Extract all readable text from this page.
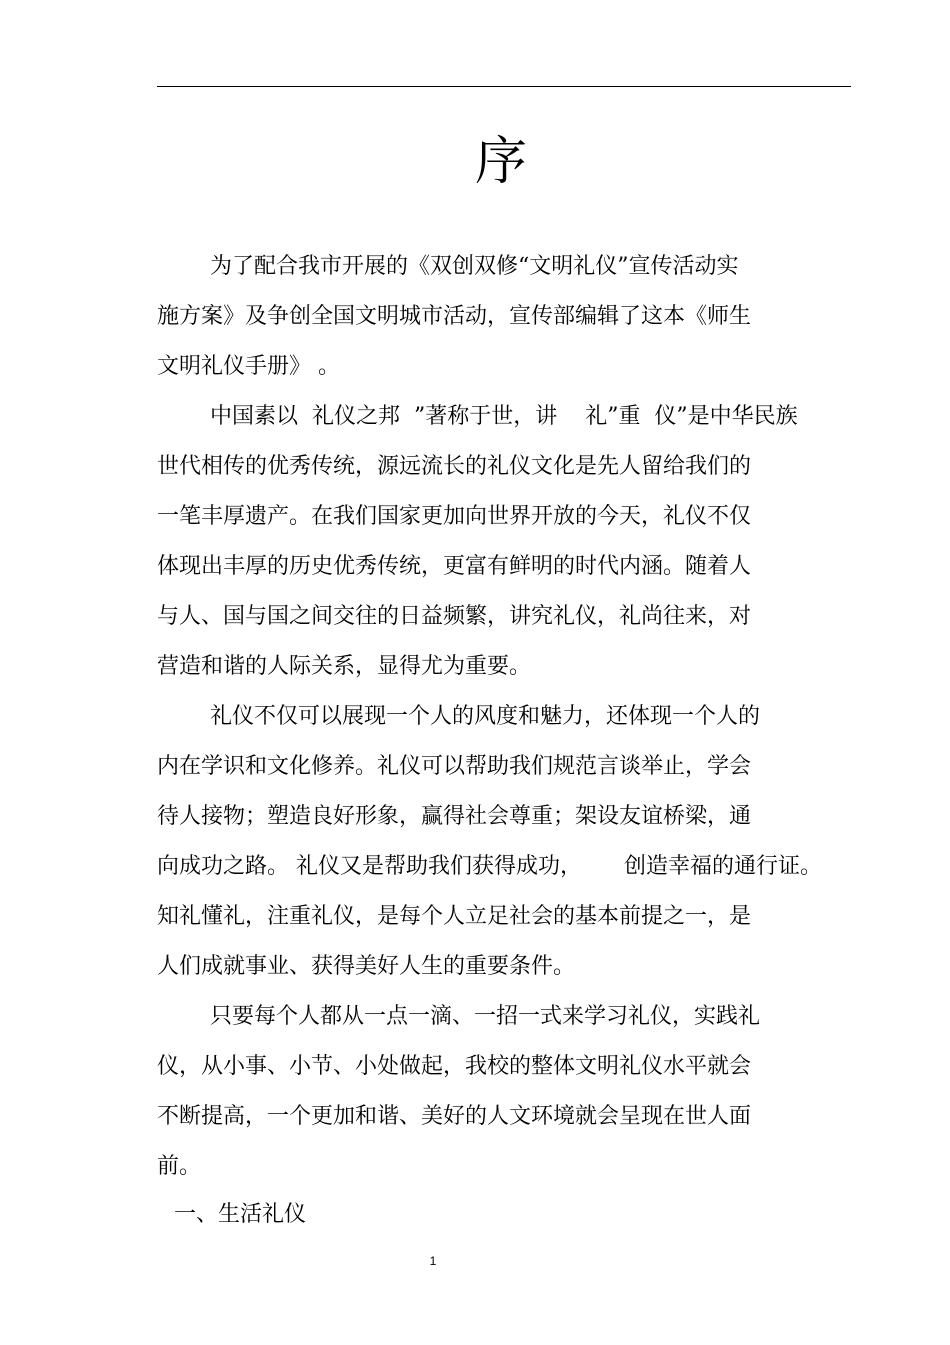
序
为了配合我市开展的《双创双修“文明礼仪”宣传活动实
施方案》及争创全国文明城市活动，宣传部编辑了这本《师生
文明礼仪手册》 。
中国素以  礼仪之邦  ”著称于世，讲    礼”重  仪”是中华民族
世代相传的优秀传统，源远流长的礼仪文化是先人留给我们的
一笔丰厚遗产。在我们国家更加向世界开放的今天，礼仪不仅
体现出丰厚的历史优秀传统，更富有鲜明的时代内涵。随着人
与人、国与国之间交往的日益频繁，讲究礼仪，礼尚往来，对
营造和谐的人际关系，显得尤为重要。
礼仪不仅可以展现一个人的风度和魅力，还体现一个人的
内在学识和文化修养。礼仪可以帮助我们规范言谈举止，学会
待人接物；塑造良好形象，赢得社会尊重；架设友谊桥梁，通
向成功之路。 礼仪又是帮助我们获得成功，      创造幸福的通行证。
知礼懂礼，注重礼仪，是每个人立足社会的基本前提之一，是
人们成就事业、获得美好人生的重要条件。
只要每个人都从一点一滴、一招一式来学习礼仪，实践礼
仪，从小事、小节、小处做起，我校的整体文明礼仪水平就会
不断提高，一个更加和谐、美好的人文环境就会呈现在世人面
前。
一、生活礼仪
1
